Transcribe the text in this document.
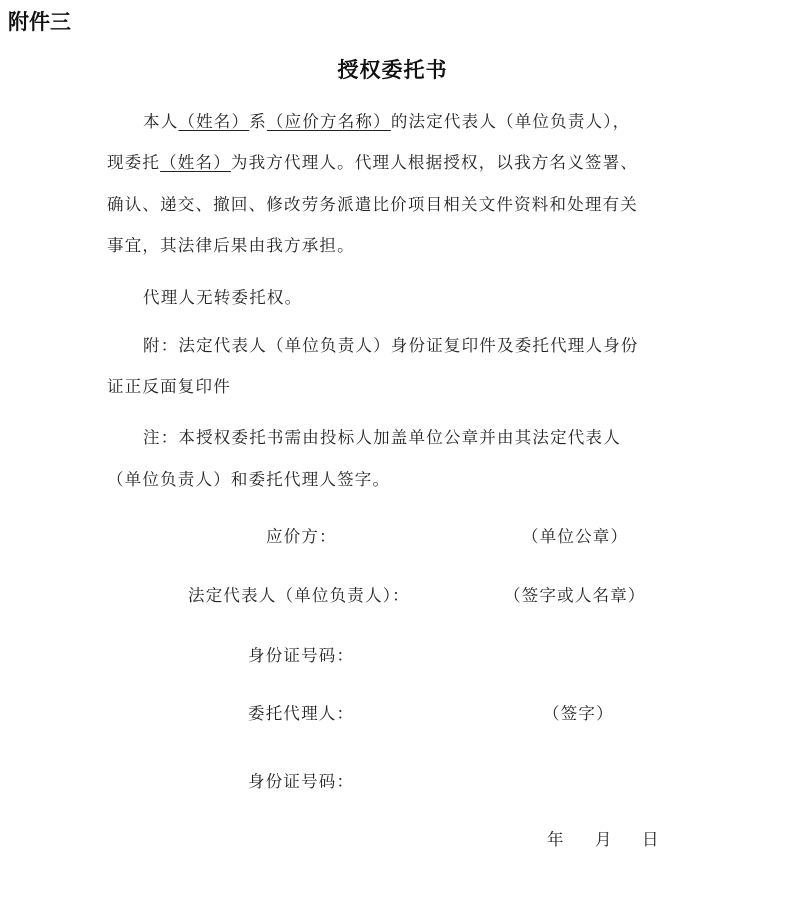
附件三
授权委托书
本人（姓名）系（应价方名称）的法定代表人（单位负责人），
现委托（姓名）为我方代理人。代理人根据授权，以我方名义签署、
确认、递交、撤回、修改劳务派遣比价项目相关文件资料和处理有关
事宜，其法律后果由我方承担。
代理人无转委托权。
附：法定代表人（单位负责人）身份证复印件及委托代理人身份
证正反面复印件
注：本授权委托书需由投标人加盖单位公章并由其法定代表人
（单位负责人）和委托代理人签字。
应价方：	（单位公章）
法定代表人（单位负责人）：	（签字或人名章）
身份证号码：
委托代理人：	（签字）
身份证号码：
年 月 日
